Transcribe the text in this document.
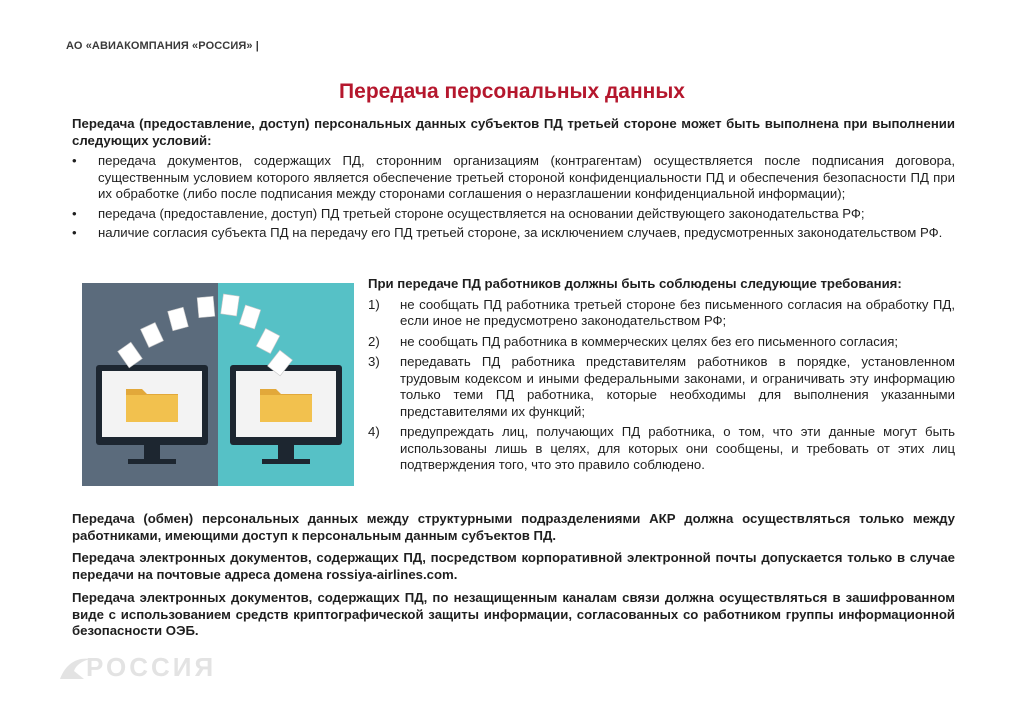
АО «АВИАКОМПАНИЯ «РОССИЯ» |
Передача персональных данных
Передача (предоставление, доступ) персональных данных субъектов ПД третьей стороне может быть выполнена при выполнении следующих условий:
• передача документов, содержащих ПД, сторонним организациям (контрагентам) осуществляется после подписания договора, существенным условием которого является обеспечение третьей стороной конфиденциальности ПД и обеспечения безопасности ПД при их обработке (либо после подписания между сторонами соглашения о неразглашении конфиденциальной информации);
• передача (предоставление, доступ) ПД третьей стороне осуществляется на основании действующего законодательства РФ;
• наличие согласия субъекта ПД на передачу его ПД третьей стороне, за исключением случаев, предусмотренных законодательством РФ.
При передаче ПД работников должны быть соблюдены следующие требования:
1) не сообщать ПД работника третьей стороне без письменного согласия на обработку ПД, если иное не предусмотрено законодательством РФ;
2) не сообщать ПД работника в коммерческих целях без его письменного согласия;
3) передавать ПД работника представителям работников в порядке, установленном трудовым кодексом и иными федеральными законами, и ограничивать эту информацию только теми ПД работника, которые необходимы для выполнения указанными представителями их функций;
4) предупреждать лиц, получающих ПД работника, о том, что эти данные могут быть использованы лишь в целях, для которых они сообщены, и требовать от этих лиц подтверждения того, что это правило соблюдено.
Передача (обмен) персональных данных между структурными подразделениями АКР должна осуществляться только между работниками, имеющими доступ к персональным данным субъектов ПД.
Передача электронных документов, содержащих ПД, посредством корпоративной электронной почты допускается только в случае передачи на почтовые адреса домена rossiya-airlines.com.
Передача электронных документов, содержащих ПД, по незащищенным каналам связи должна осуществляться в зашифрованном виде с использованием средств криптографической защиты информации, согласованных со работником группы информационной безопасности ОЭБ.
РОССИЯ
